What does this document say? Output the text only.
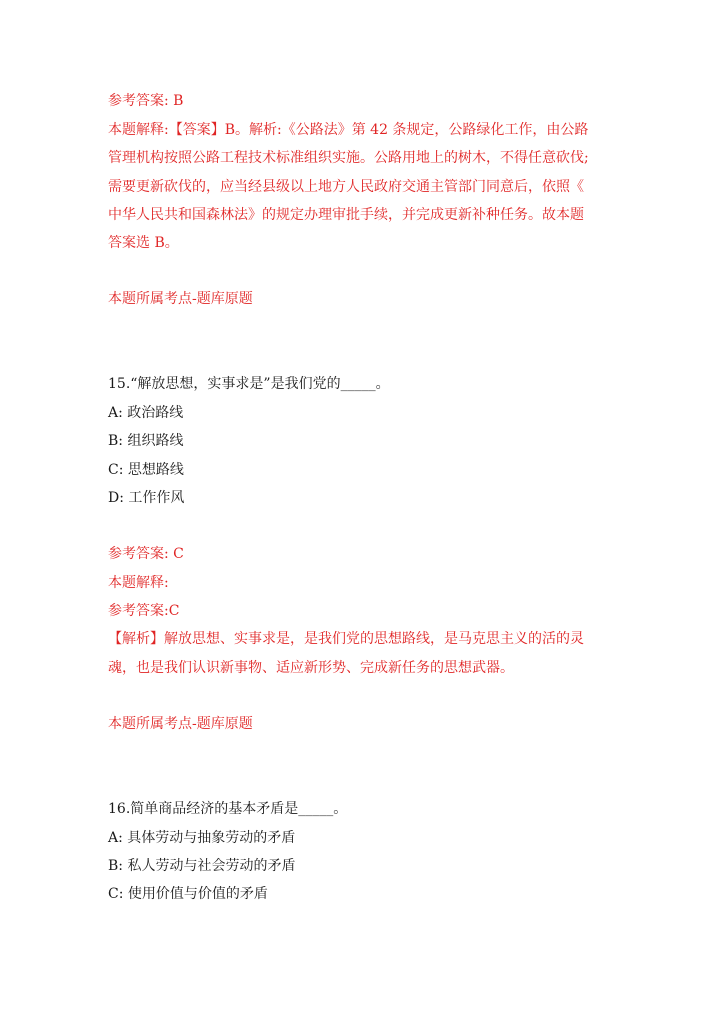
参考答案: B
本题解释:【答案】B。解析:《公路法》第 42 条规定，公路绿化工作，由公路
管理机构按照公路工程技术标准组织实施。公路用地上的树木，不得任意砍伐;
需要更新砍伐的，应当经县级以上地方人民政府交通主管部门同意后，依照《
中华人民共和国森林法》的规定办理审批手续，并完成更新补种任务。故本题
答案选 B。
本题所属考点-题库原题
15.“解放思想，实事求是”是我们党的_____。
A: 政治路线
B: 组织路线
C: 思想路线
D: 工作作风
参考答案: C
本题解释:
参考答案:C
【解析】解放思想、实事求是，是我们党的思想路线，是马克思主义的活的灵
魂，也是我们认识新事物、适应新形势、完成新任务的思想武器。
本题所属考点-题库原题
16.简单商品经济的基本矛盾是_____。
A: 具体劳动与抽象劳动的矛盾
B: 私人劳动与社会劳动的矛盾
C: 使用价值与价值的矛盾
